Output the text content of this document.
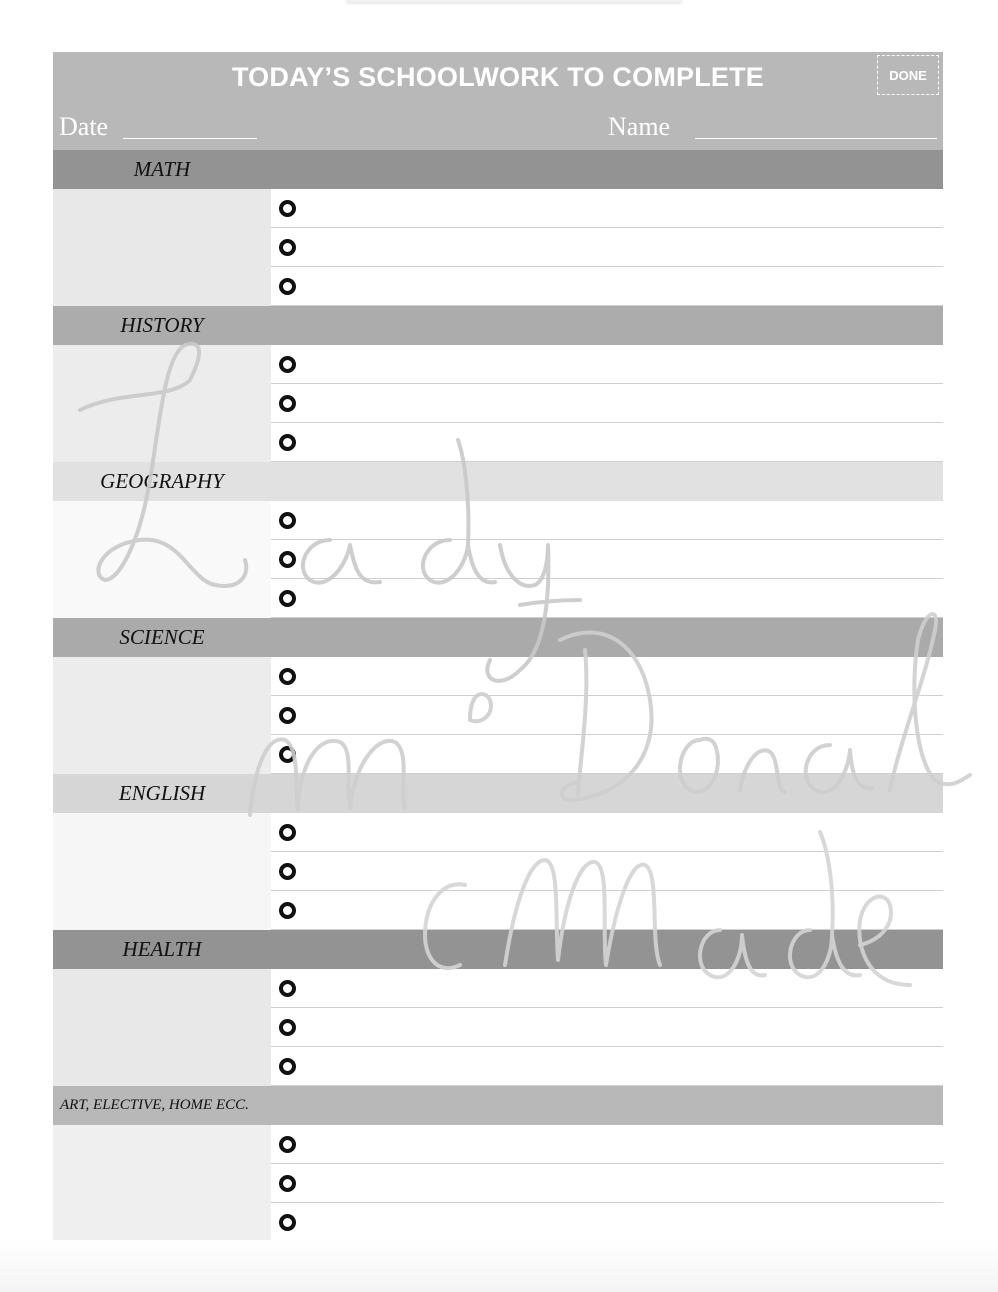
TODAY’S SCHOOLWORK TO COMPLETE	DONE
Date	Name
MATH
HISTORY
GEOGRAPHY
SCIENCE
ENGLISH
HEALTH
ART, ELECTIVE, HOME ECC.
